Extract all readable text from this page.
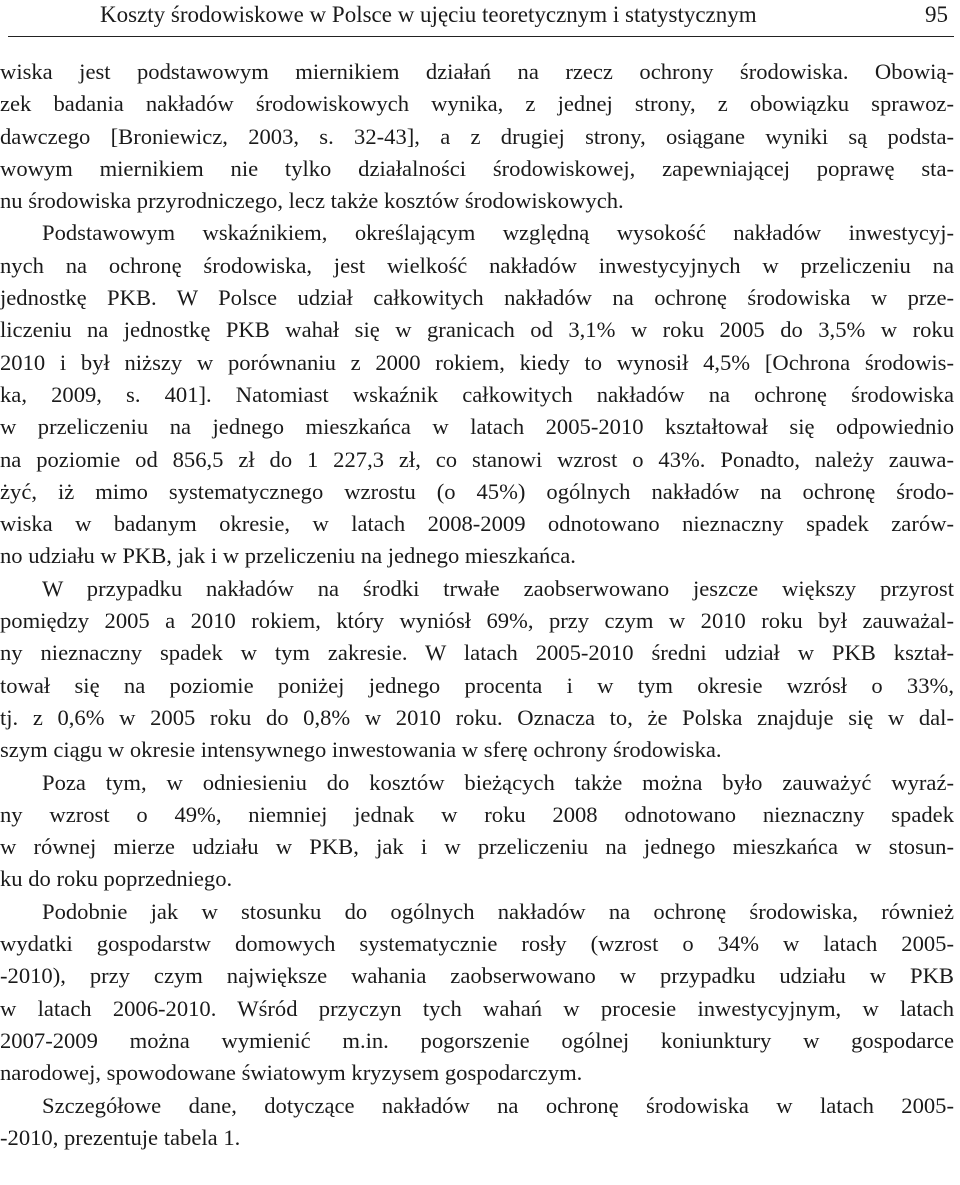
Koszty środowiskowe w Polsce w ujęciu teoretycznym i statystycznym	95
wiska jest podstawowym miernikiem działań na rzecz ochrony środowiska. Obowią-
zek badania nakładów środowiskowych wynika, z jednej strony, z obowiązku sprawoz-
dawczego [Broniewicz, 2003, s. 32-43], a z drugiej strony, osiągane wyniki są podsta-
wowym miernikiem nie tylko działalności środowiskowej, zapewniającej poprawę sta-
nu środowiska przyrodniczego, lecz także kosztów środowiskowych.
Podstawowym wskaźnikiem, określającym względną wysokość nakładów inwestycyj-
nych na ochronę środowiska, jest wielkość nakładów inwestycyjnych w przeliczeniu na
jednostkę PKB. W Polsce udział całkowitych nakładów na ochronę środowiska w prze-
liczeniu na jednostkę PKB wahał się w granicach od 3,1% w roku 2005 do 3,5% w roku
2010 i był niższy w porównaniu z 2000 rokiem, kiedy to wynosił 4,5% [Ochrona środowis-
ka, 2009, s. 401]. Natomiast wskaźnik całkowitych nakładów na ochronę środowiska
w przeliczeniu na jednego mieszkańca w latach 2005-2010 kształtował się odpowiednio
na poziomie od 856,5 zł do 1 227,3 zł, co stanowi wzrost o 43%. Ponadto, należy zauwa-
żyć, iż mimo systematycznego wzrostu (o 45%) ogólnych nakładów na ochronę środo-
wiska w badanym okresie, w latach 2008-2009 odnotowano nieznaczny spadek zarów-
no udziału w PKB, jak i w przeliczeniu na jednego mieszkańca.
W przypadku nakładów na środki trwałe zaobserwowano jeszcze większy przyrost
pomiędzy 2005 a 2010 rokiem, który wyniósł 69%, przy czym w 2010 roku był zauważal-
ny nieznaczny spadek w tym zakresie. W latach 2005-2010 średni udział w PKB kształ-
tował się na poziomie poniżej jednego procenta i w tym okresie wzrósł o 33%,
tj. z 0,6% w 2005 roku do 0,8% w 2010 roku. Oznacza to, że Polska znajduje się w dal-
szym ciągu w okresie intensywnego inwestowania w sferę ochrony środowiska.
Poza tym, w odniesieniu do kosztów bieżących także można było zauważyć wyraź-
ny wzrost o 49%, niemniej jednak w roku 2008 odnotowano nieznaczny spadek
w równej mierze udziału w PKB, jak i w przeliczeniu na jednego mieszkańca w stosun-
ku do roku poprzedniego.
Podobnie jak w stosunku do ogólnych nakładów na ochronę środowiska, również
wydatki gospodarstw domowych systematycznie rosły (wzrost o 34% w latach 2005-
-2010), przy czym największe wahania zaobserwowano w przypadku udziału w PKB
w latach 2006-2010. Wśród przyczyn tych wahań w procesie inwestycyjnym, w latach
2007-2009 można wymienić m.in. pogorszenie ogólnej koniunktury w gospodarce
narodowej, spowodowane światowym kryzysem gospodarczym.
Szczegółowe dane, dotyczące nakładów na ochronę środowiska w latach 2005-
-2010, prezentuje tabela 1.
